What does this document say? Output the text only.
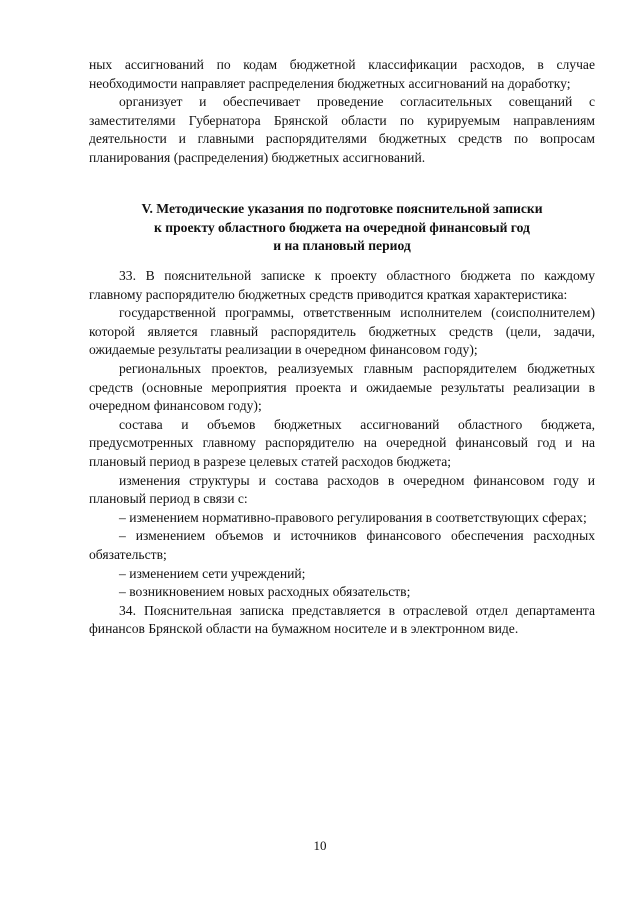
ных ассигнований по кодам бюджетной классификации расходов, в случае необходимости направляет распределения бюджетных ассигнований на доработку;

организует и обеспечивает проведение согласительных совещаний с заместителями Губернатора Брянской области по курируемым направлениям деятельности и главными распорядителями бюджетных средств по вопросам планирования (распределения) бюджетных ассигнований.

V. Методические указания по подготовке пояснительной записки
к проекту областного бюджета на очередной финансовый год
и на плановый период

33. В пояснительной записке к проекту областного бюджета по каждому главному распорядителю бюджетных средств приводится краткая характеристика:

государственной программы, ответственным исполнителем (соисполнителем) которой является главный распорядитель бюджетных средств (цели, задачи, ожидаемые результаты реализации в очередном финансовом году);

региональных проектов, реализуемых главным распорядителем бюджетных средств (основные мероприятия проекта и ожидаемые результаты реализации в очередном финансовом году);

состава и объемов бюджетных ассигнований областного бюджета, предусмотренных главному распорядителю на очередной финансовый год и на плановый период в разрезе целевых статей расходов бюджета;

изменения структуры и состава расходов в очередном финансовом году и плановый период в связи с:

– изменением нормативно-правового регулирования в соответствующих сферах;

– изменением объемов и источников финансового обеспечения расходных обязательств;

– изменением сети учреждений;

– возникновением новых расходных обязательств;

34. Пояснительная записка представляется в отраслевой отдел департамента финансов Брянской области на бумажном носителе и в электронном виде.

10
